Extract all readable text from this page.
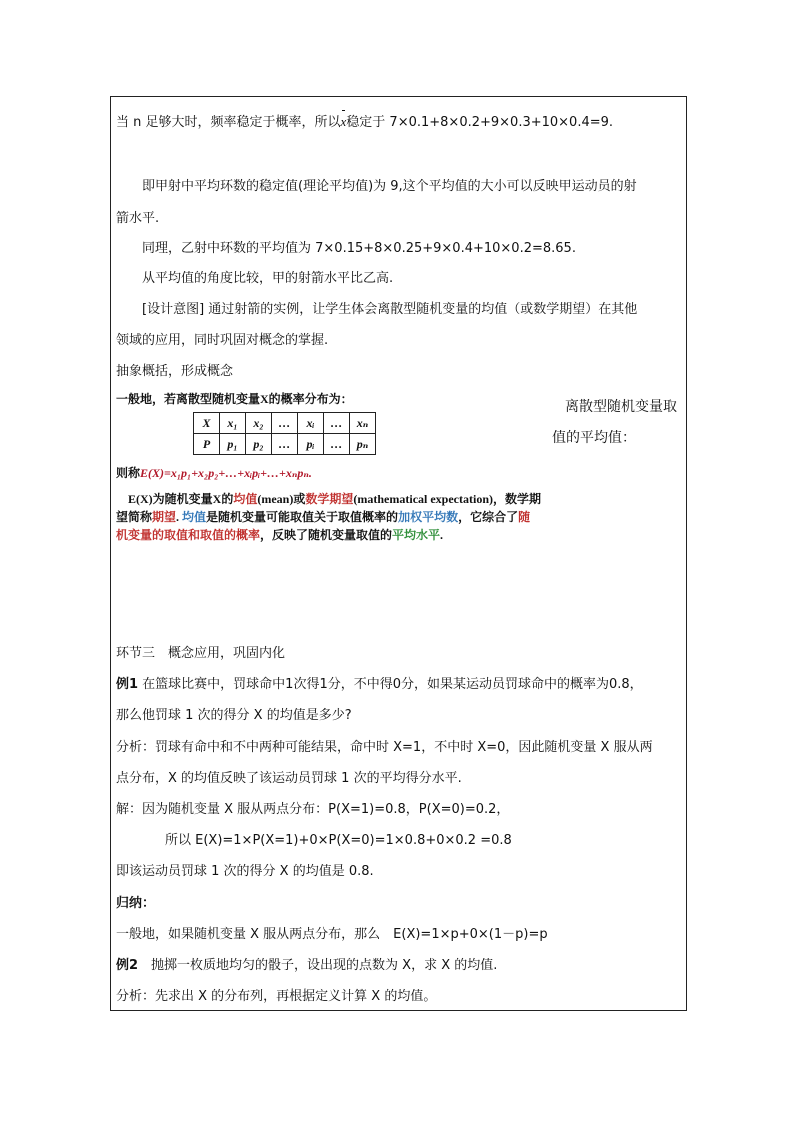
当 n 足够大时，频率稳定于概率，所以x稳定于 7×0.1+8×0.2+9×0.3+10×0.4=9.
即甲射中平均环数的稳定值(理论平均值)为 9,这个平均值的大小可以反映甲运动员的射
箭水平.
同理，乙射中环数的平均值为 7×0.15+8×0.25+9×0.4+10×0.2=8.65.
从平均值的角度比较，甲的射箭水平比乙高.
[设计意图] 通过射箭的实例，让学生体会离散型随机变量的均值（或数学期望）在其他
领域的应用，同时巩固对概念的掌握.
抽象概括，形成概念
一般地，若离散型随机变量X的概率分布为：
X	x₁	x₂	…	xᵢ	…	xₙ
P	p₁	p₂	…	pᵢ	…	pₙ
则称E(X)=x₁p₁+x₂p₂+…+xᵢpᵢ+…+xₙpₙ.
 E(X)为随机变量X的均值(mean)或数学期望(mathematical expectation)，数学期望简称期望. 均值是随机变量可能取值关于取值概率的加权平均数，它综合了随机变量的取值和取值的概率，反映了随机变量取值的平均水平.
离散型随机变量取
值的平均值：
环节三　概念应用，巩固内化
例1 在篮球比赛中，罚球命中1次得1分，不中得0分，如果某运动员罚球命中的概率为0.8，
那么他罚球 1 次的得分 X 的均值是多少?
分析：罚球有命中和不中两种可能结果，命中时 X=1，不中时 X=0，因此随机变量 X 服从两
点分布，X 的均值反映了该运动员罚球 1 次的平均得分水平.
解：因为随机变量 X 服从两点分布：P(X=1)=0.8，P(X=0)=0.2，
所以 E(X)=1×P(X=1)+0×P(X=0)=1×0.8+0×0.2 =0.8
即该运动员罚球 1 次的得分 X 的均值是 0.8.
归纳：
一般地，如果随机变量 X 服从两点分布，那么　E(X)=1×p+0×(1－p)=p
例2　抛掷一枚质地均匀的骰子，设出现的点数为 X，求 X 的均值.
分析：先求出 X 的分布列，再根据定义计算 X 的均值。
